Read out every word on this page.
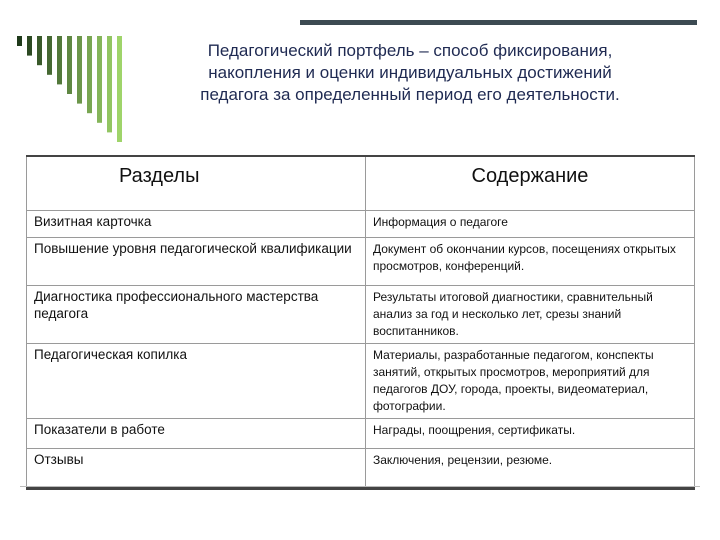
Педагогический портфель – способ фиксирования,
накопления и оценки индивидуальных достижений
педагога за определенный период его деятельности.
Разделы	Содержание
Визитная карточка	Информация о педагоге
Повышение уровня педагогической квалификации	Документ об окончании курсов, посещениях открытых просмотров, конференций.
Диагностика профессионального мастерства педагога	Результаты итоговой диагностики, сравнительный анализ за год и несколько лет, срезы знаний воспитанников.
Педагогическая копилка	Материалы, разработанные педагогом, конспекты занятий, открытых просмотров, мероприятий для педагогов ДОУ, города, проекты, видеоматериал, фотографии.
Показатели в работе	Награды, поощрения, сертификаты.
Отзывы	Заключения, рецензии, резюме.
